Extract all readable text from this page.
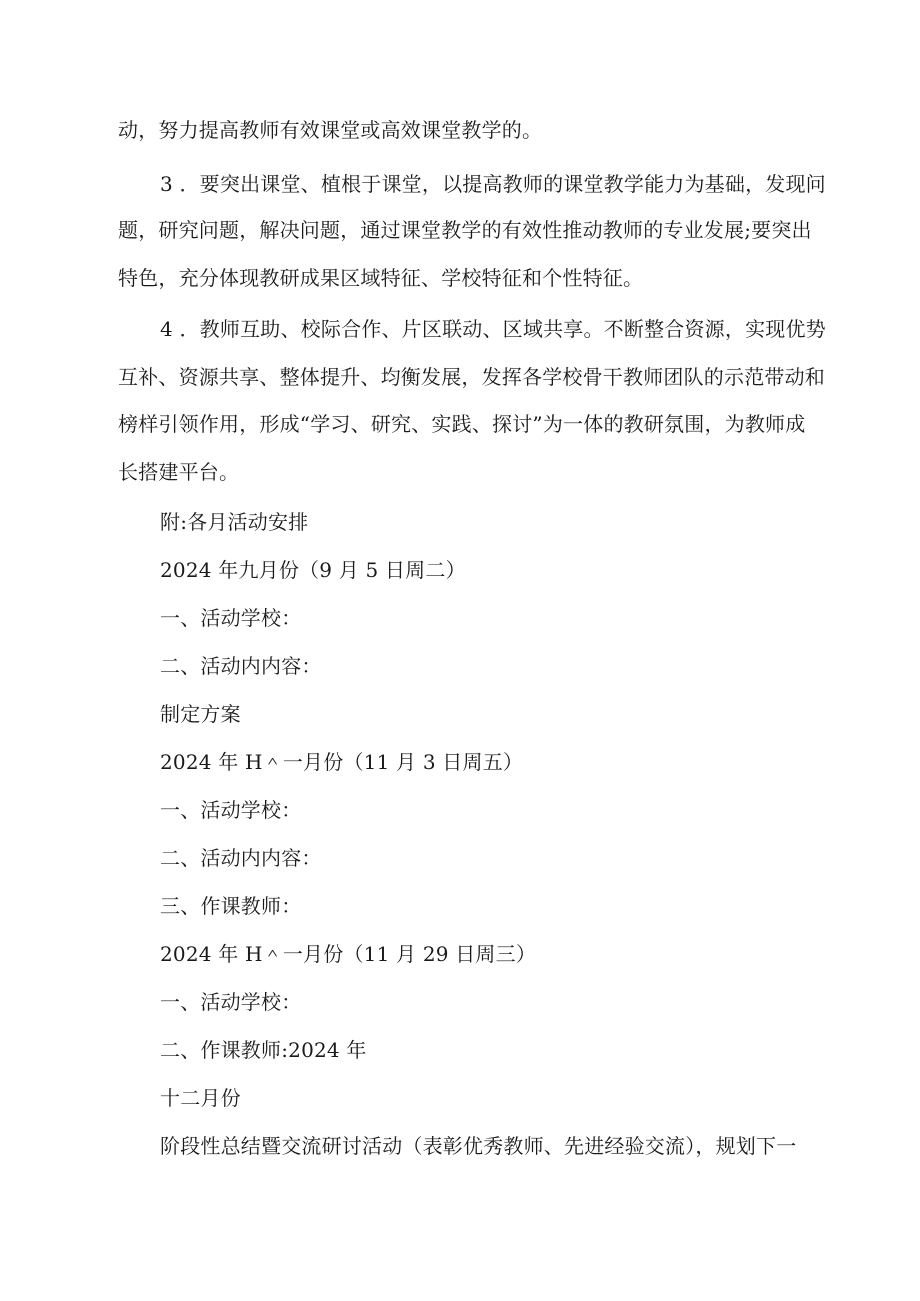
动，努力提高教师有效课堂或高效课堂教学的。
3 ．要突出课堂、植根于课堂，以提高教师的课堂教学能力为基础，发现问
题，研究问题，解决问题，通过课堂教学的有效性推动教师的专业发展;要突出
特色，充分体现教研成果区域特征、学校特征和个性特征。
4 ．教师互助、校际合作、片区联动、区域共享。不断整合资源，实现优势
互补、资源共享、整体提升、均衡发展，发挥各学校骨干教师团队的示范带动和
榜样引领作用，形成“学习、研究、实践、探讨”为一体的教研氛围，为教师成
长搭建平台。
附:各月活动安排
2024 年九月份（9 月 5 日周二）
一、活动学校：
二、活动内内容：
制定方案
2024 年 H＾一月份（11 月 3 日周五）
一、活动学校：
二、活动内内容：
三、作课教师：
2024 年 H＾一月份（11 月 29 日周三）
一、活动学校：
二、作课教师:2024 年
十二月份
阶段性总结暨交流研讨活动（表彰优秀教师、先进经验交流），规划下一
